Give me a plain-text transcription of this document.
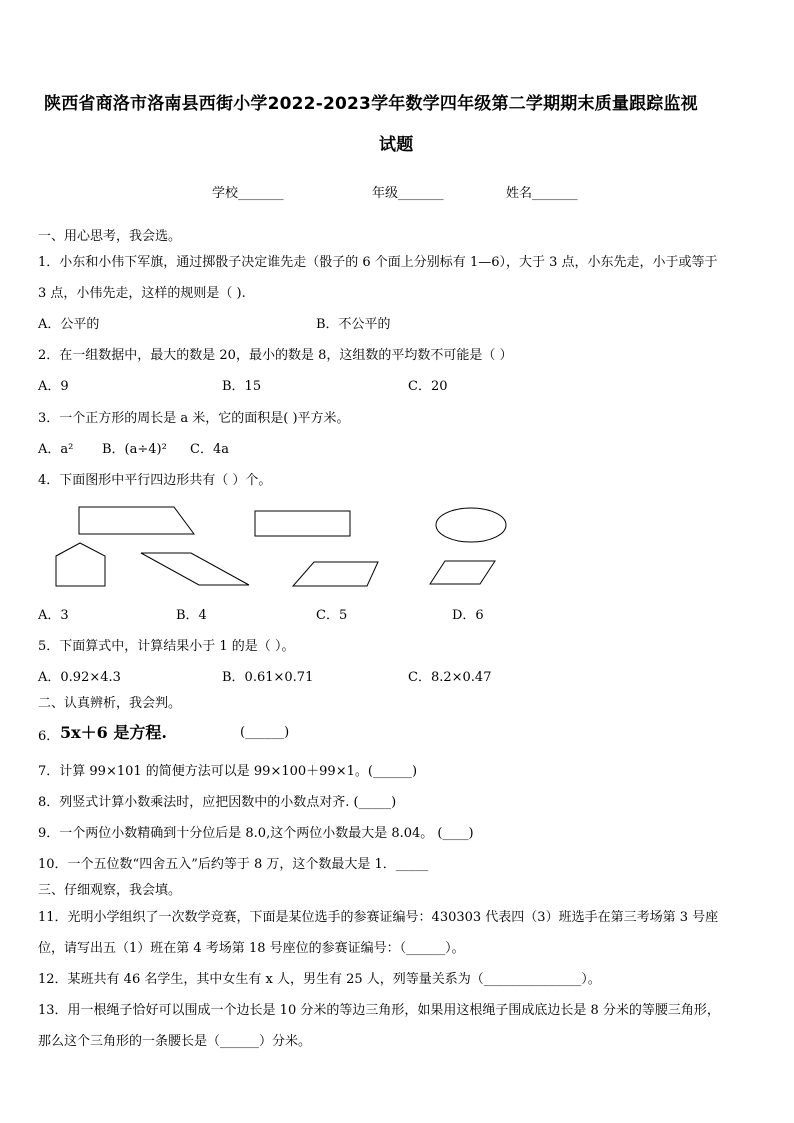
陕西省商洛市洛南县西街小学2022-2023学年数学四年级第二学期期末质量跟踪监视
试题
学校_______	年级_______	姓名_______
一、用心思考，我会选。
1．小东和小伟下军旗，通过掷骰子决定谁先走（骰子的 6 个面上分别标有 1—6），大于 3 点，小东先走，小于或等于
3 点，小伟先走，这样的规则是（ ).
A．公平的	B．不公平的
2．在一组数据中，最大的数是 20，最小的数是 8，这组数的平均数不可能是（ ）
A．9	B．15	C．20
3．一个正方形的周长是 a 米，它的面积是( )平方米。
A．a² B．(a÷4)² C．4a
4．下面图形中平行四边形共有（ ）个。
A．3	B．4	C．5	D．6
5．下面算式中，计算结果小于 1 的是（ ）。
A．0.92×4.3	B．0.61×0.71	C．8.2×0.47
二、认真辨析，我会判。
6． 5x＋6 是方程.	(______)
7．计算 99×101 的简便方法可以是 99×100＋99×1。(______)
8．列竖式计算小数乘法时，应把因数中的小数点对齐. (_____)
9．一个两位小数精确到十分位后是 8.0,这个两位小数最大是 8.04。 (____)
10．一个五位数“四舍五入”后约等于 8 万，这个数最大是 1．_____
三、仔细观察，我会填。
11．光明小学组织了一次数学竞赛，下面是某位选手的参赛证编号：430303 代表四（3）班选手在第三考场第 3 号座
位，请写出五（1）班在第 4 考场第 18 号座位的参赛证编号：（______）。
12．某班共有 46 名学生，其中女生有 x 人，男生有 25 人，列等量关系为（_______________）。
13．用一根绳子恰好可以围成一个边长是 10 分米的等边三角形，如果用这根绳子围成底边长是 8 分米的等腰三角形，
那么这个三角形的一条腰长是（______）分米。
